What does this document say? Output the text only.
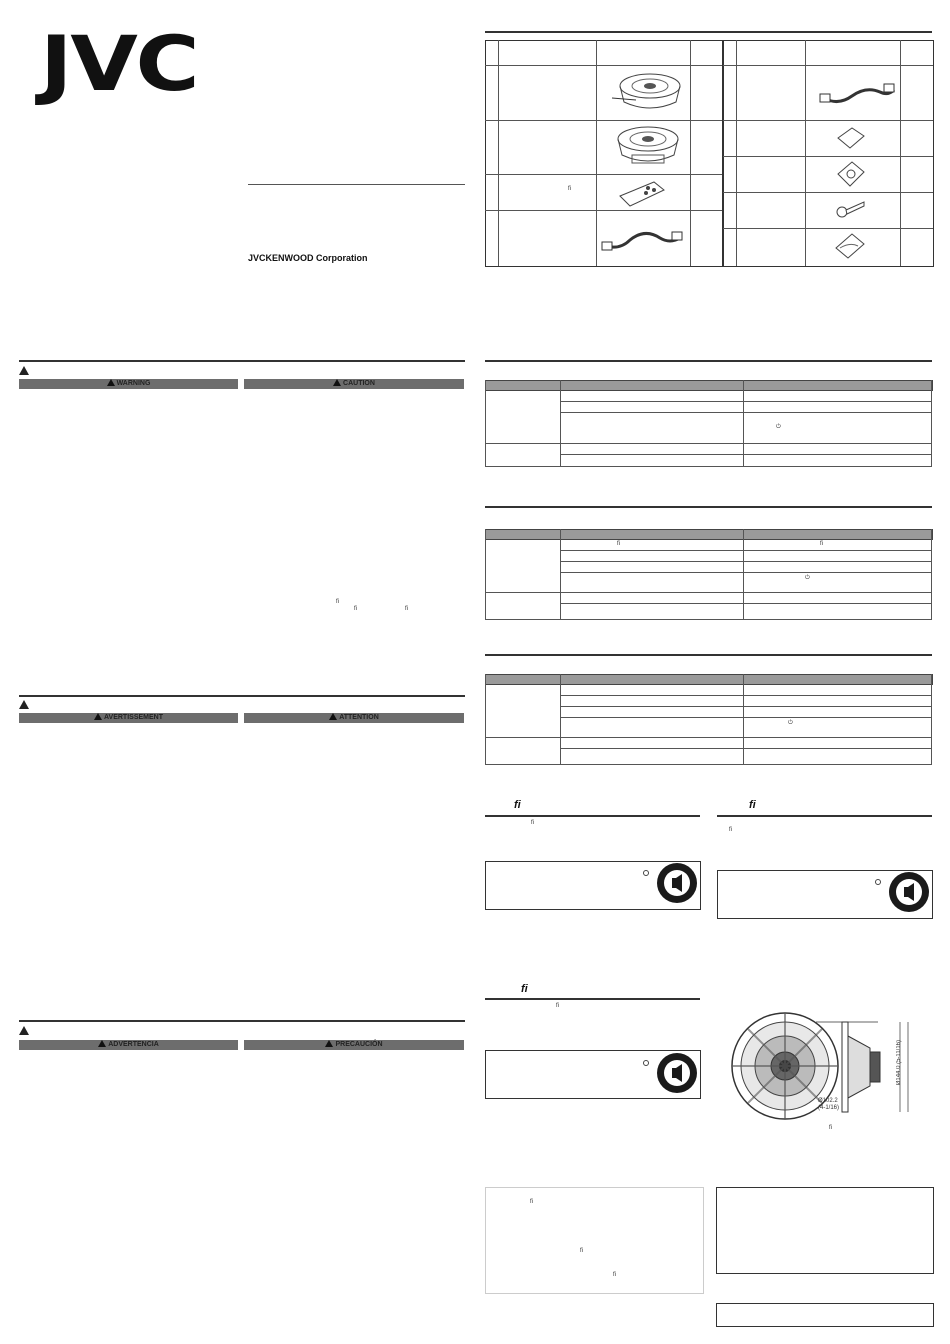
JVC
JVCKENWOOD Corporation
WARNING	CAUTION
ﬁ
ﬁ	ﬁ
AVERTISSEMENT	ATTENTION
ADVERTENCIA	PRECAUCIÓN
ﬁ
⏻
ﬁ	ﬁ
⏻
⏻
ﬁ
ﬁ
ﬁ
ﬁ
ﬁ
ﬁ
Ø144.0 (5-11/16)
Ø102.2
(4-1/16)
ﬁ
ﬁ
ﬁ
ﬁ
